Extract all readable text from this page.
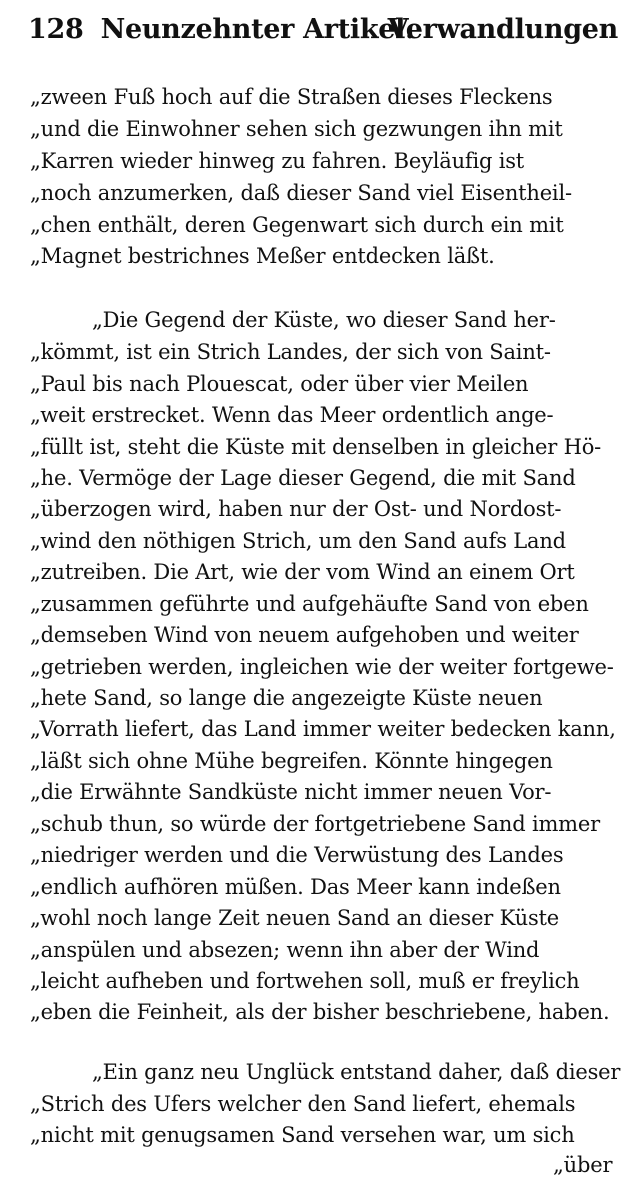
128 Neunzehnter Artikel.
Verwandlungen
„zween Fuß hoch auf die Straßen dieses Fleckens
„und die Einwohner sehen sich gezwungen ihn mit
„Karren wieder hinweg zu fahren. Beyläufig ist
„noch anzumerken, daß dieser Sand viel Eisentheil-
„chen enthält, deren Gegenwart sich durch ein mit
„Magnet bestrichnes Meßer entdecken läßt.
„Die Gegend der Küste, wo dieser Sand her-
„kömmt, ist ein Strich Landes, der sich von Saint-
„Paul bis nach Plouescat, oder über vier Meilen
„weit erstrecket. Wenn das Meer ordentlich ange-
„füllt ist, steht die Küste mit denselben in gleicher Hö-
„he. Vermöge der Lage dieser Gegend, die mit Sand
„überzogen wird, haben nur der Ost- und Nordost-
„wind den nöthigen Strich, um den Sand aufs Land
„zutreiben. Die Art, wie der vom Wind an einem Ort
„zusammen geführte und aufgehäufte Sand von eben
„demseben Wind von neuem aufgehoben und weiter
„getrieben werden, ingleichen wie der weiter fortgewe-
„hete Sand, so lange die angezeigte Küste neuen
„Vorrath liefert, das Land immer weiter bedecken kann,
„läßt sich ohne Mühe begreifen. Könnte hingegen
„die Erwähnte Sandküste nicht immer neuen Vor-
„schub thun, so würde der fortgetriebene Sand immer
„niedriger werden und die Verwüstung des Landes
„endlich aufhören müßen. Das Meer kann indeßen
„wohl noch lange Zeit neuen Sand an dieser Küste
„anspülen und absezen; wenn ihn aber der Wind
„leicht aufheben und fortwehen soll, muß er freylich
„eben die Feinheit, als der bisher beschriebene, haben.
„Ein ganz neu Unglück entstand daher, daß dieser
„Strich des Ufers welcher den Sand liefert, ehemals
„nicht mit genugsamen Sand versehen war, um sich
„über
